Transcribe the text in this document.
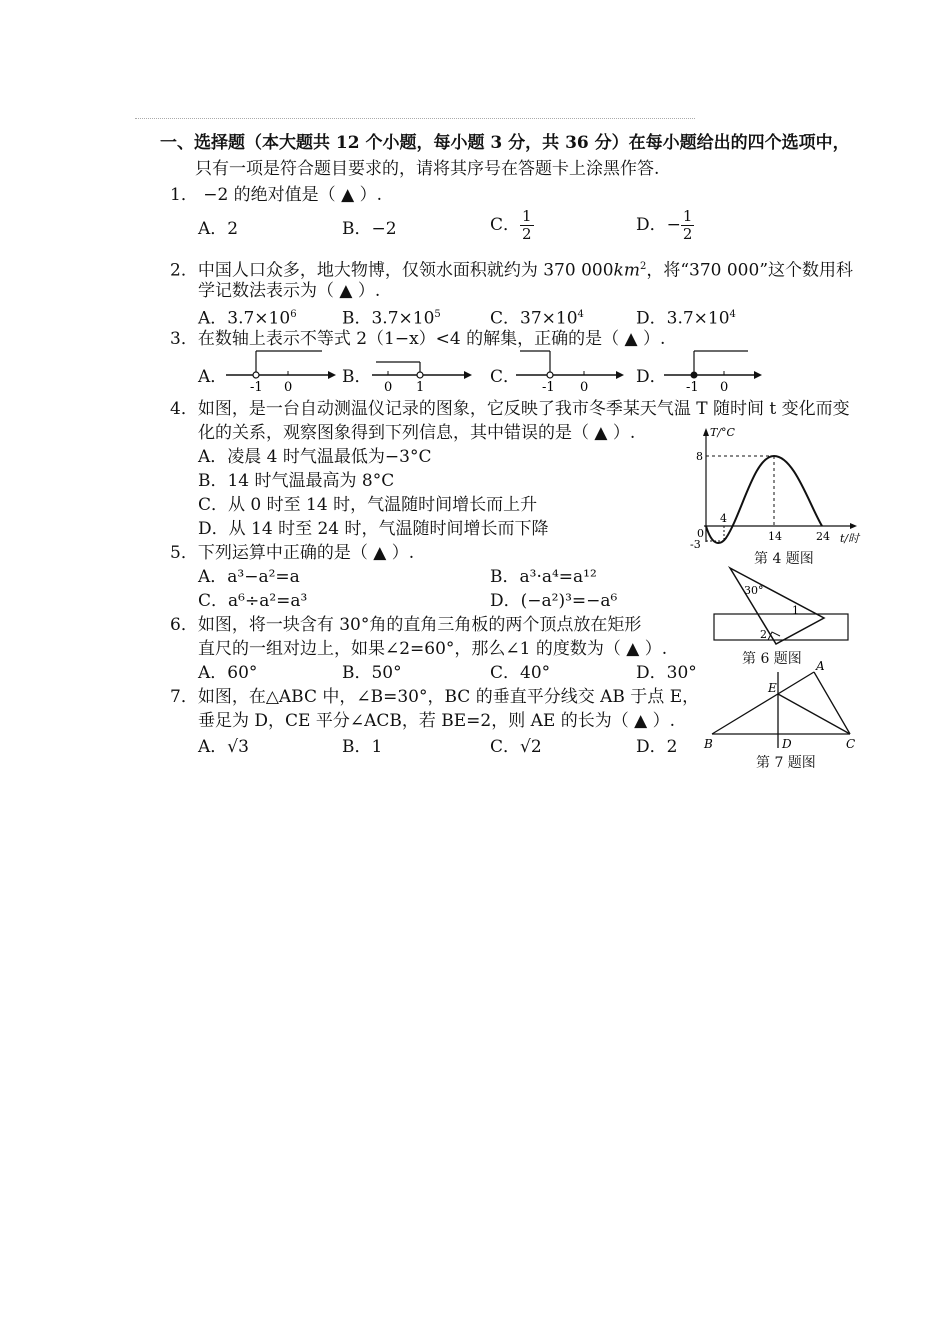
一、选择题（本大题共 12 个小题，每小题 3 分，共 36 分）在每小题给出的四个选项中，
只有一项是符合题目要求的，请将其序号在答题卡上涂黑作答.
1． −2 的绝对值是（ ▲ ）.
A．2	B．−2	C． $\frac{1}{2}$	D．− $\frac{1}{2}$
2．中国人口众多，地大物博，仅领水面积就约为 370 $000km^2$，将“370 000”这个数用科
学记数法表示为（ ▲ ）.
A．$3.7\times 10^6$	B．$3.7\times 10^5$	C．$37\times 10^4$	D．$3.7\times 10^4$
3．在数轴上表示不等式 2（1−x）<4 的解集，正确的是（ ▲ ）.
A．	B．	C．	D．
-1 0	0 1	-1 0	-1 0
4．如图，是一台自动测温仪记录的图象，它反映了我市冬季某天气温 T 随时间 t 变化而变
化的关系，观察图象得到下列信息，其中错误的是（ ▲ ）.
A．凌晨 4 时气温最低为−3°C
B．14 时气温最高为 8°C
C．从 0 时至 14 时，气温随时间增长而上升
D．从 14 时至 24 时，气温随时间增长而下降
T/°C
t/时
8
4
0
-3
14	24
第 4 题图
5．下列运算中正确的是（ ▲ ）.
A．a³−a²=a	B．a³·a⁴=a¹²
C．a⁶÷a²=a³	D．(−a²)³=−a⁶
30°
1
2
第 6 题图
6．如图，将一块含有 30°角的直角三角板的两个顶点放在矩形
直尺的一组对边上，如果∠2=60°，那么∠1 的度数为（ ▲ ）.
A．60°	B．50°	C．40°	D．30°
7．如图，在△ABC 中，∠B=30°，BC 的垂直平分线交 AB 于点 E，
垂足为 D，CE 平分∠ACB，若 BE=2，则 AE 的长为（ ▲ ）.
A．√3	B．1	C．√2	D．2
A
E
B	D	C
第 7 题图
